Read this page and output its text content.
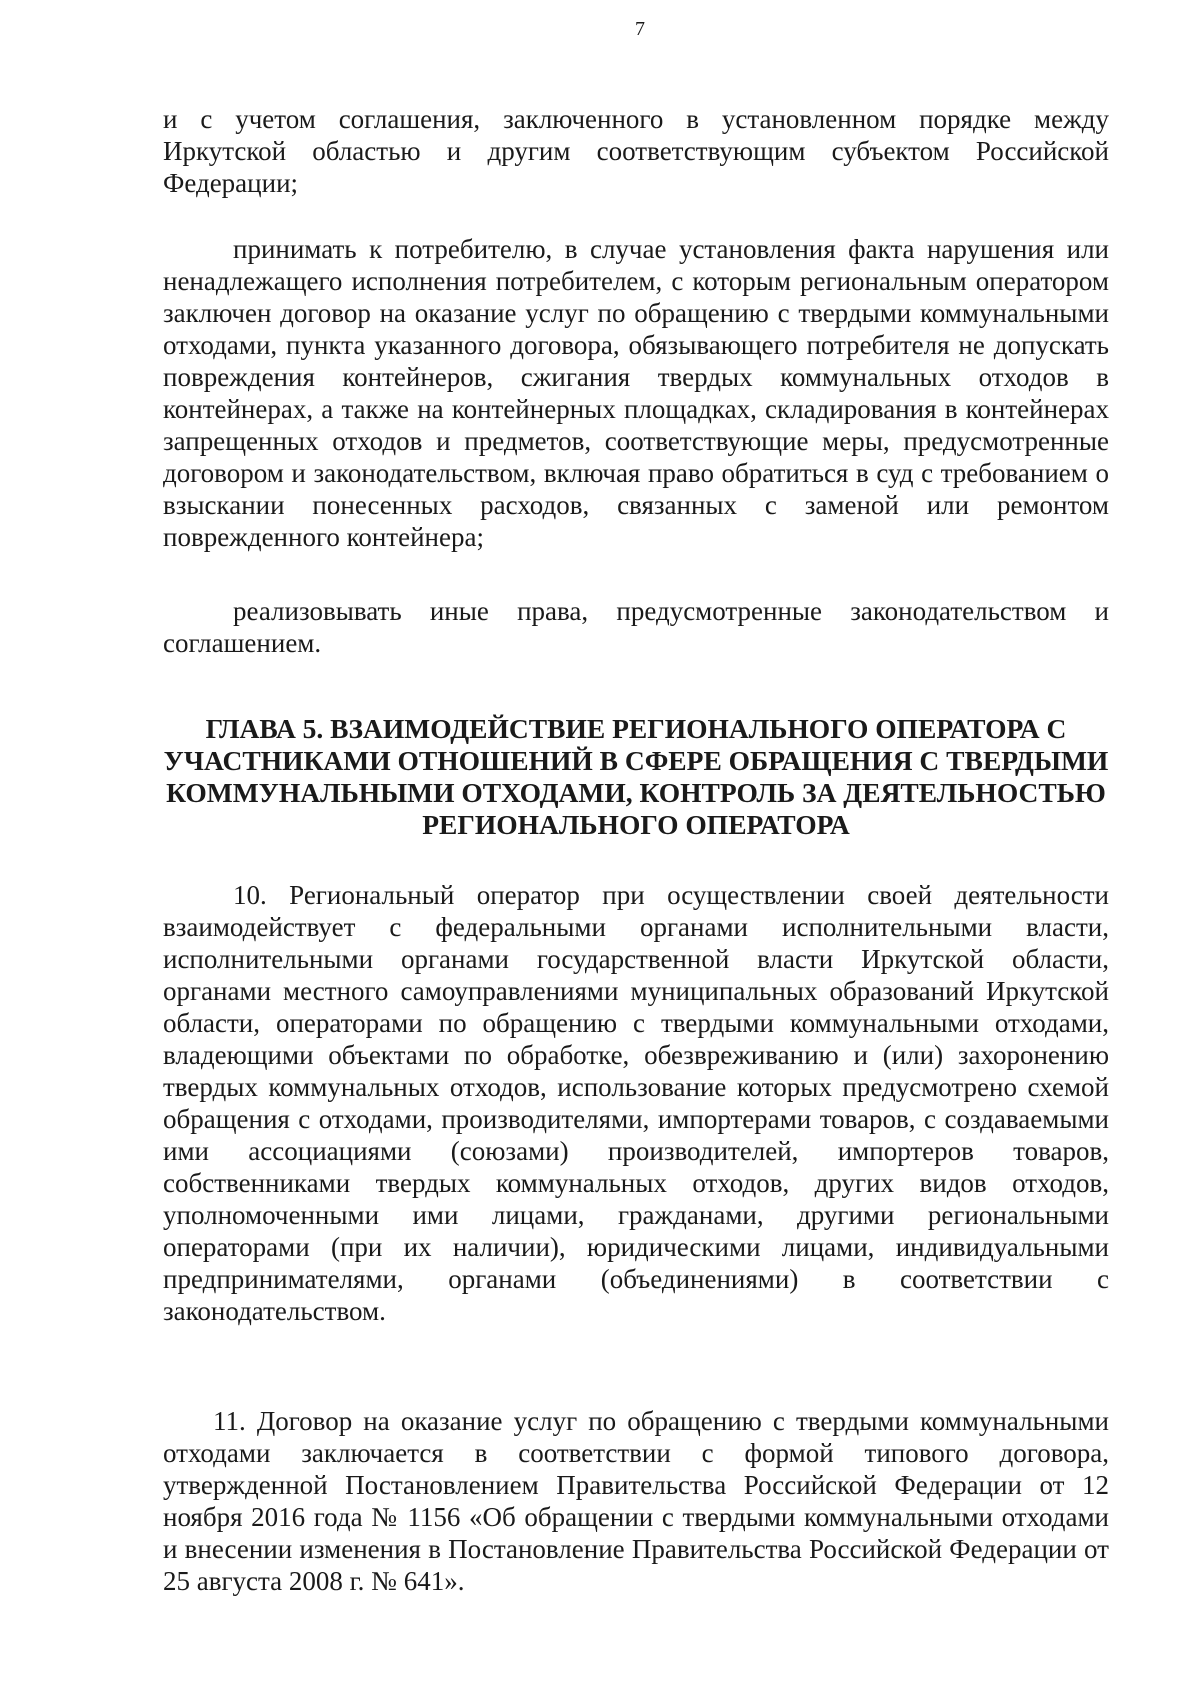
7

и с учетом соглашения, заключенного в установленном порядке между Иркутской областью и другим соответствующим субъектом Российской Федерации;

принимать к потребителю, в случае установления факта нарушения или ненадлежащего исполнения потребителем, с которым региональным оператором заключен договор на оказание услуг по обращению с твердыми коммунальными отходами, пункта указанного договора, обязывающего потребителя не допускать повреждения контейнеров, сжигания твердых коммунальных отходов в контейнерах, а также на контейнерных площадках, складирования в контейнерах запрещенных отходов и предметов, соответствующие меры, предусмотренные договором и законодательством, включая право обратиться в суд с требованием о взыскании понесенных расходов, связанных с заменой или ремонтом поврежденного контейнера;

реализовывать иные права, предусмотренные законодательством и соглашением.

ГЛАВА 5. ВЗАИМОДЕЙСТВИЕ РЕГИОНАЛЬНОГО ОПЕРАТОРА С УЧАСТНИКАМИ ОТНОШЕНИЙ В СФЕРЕ ОБРАЩЕНИЯ С ТВЕРДЫМИ КОММУНАЛЬНЫМИ ОТХОДАМИ, КОНТРОЛЬ ЗА ДЕЯТЕЛЬНОСТЬЮ РЕГИОНАЛЬНОГО ОПЕРАТОРА

10. Региональный оператор при осуществлении своей деятельности взаимодействует с федеральными органами исполнительными власти, исполнительными органами государственной власти Иркутской области, органами местного самоуправлениями муниципальных образований Иркутской области, операторами по обращению с твердыми коммунальными отходами, владеющими объектами по обработке, обезвреживанию и (или) захоронению твердых коммунальных отходов, использование которых предусмотрено схемой обращения с отходами, производителями, импортерами товаров, с создаваемыми ими ассоциациями (союзами) производителей, импортеров товаров, собственниками твердых коммунальных отходов, других видов отходов, уполномоченными ими лицами, гражданами, другими региональными операторами (при их наличии), юридическими лицами, индивидуальными предпринимателями, органами (объединениями) в соответствии с законодательством.

11. Договор на оказание услуг по обращению с твердыми коммунальными отходами заключается в соответствии с формой типового договора, утвержденной Постановлением Правительства Российской Федерации от 12 ноября 2016 года № 1156 «Об обращении с твердыми коммунальными отходами и внесении изменения в Постановление Правительства Российской Федерации от 25 августа 2008 г. № 641».
